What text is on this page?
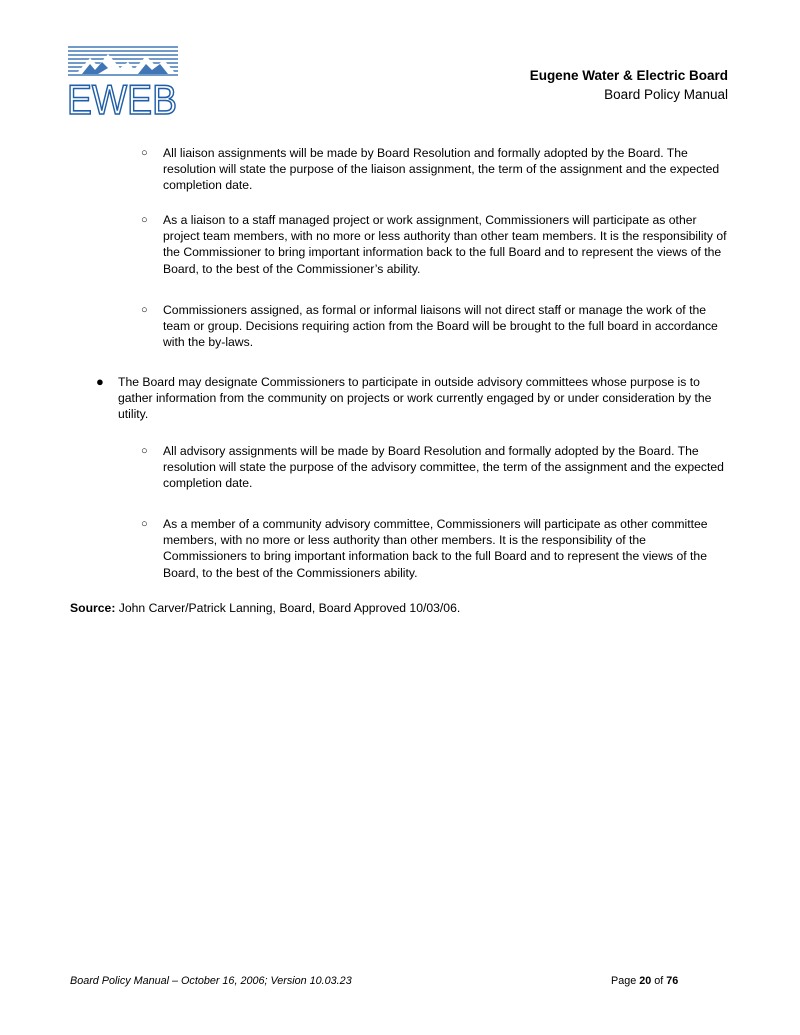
EWEB
Eugene Water & Electric Board
Board Policy Manual
○ All liaison assignments will be made by Board Resolution and formally adopted by the Board. The resolution will state the purpose of the liaison assignment, the term of the assignment and the expected completion date.
○ As a liaison to a staff managed project or work assignment, Commissioners will participate as other project team members, with no more or less authority than other team members. It is the responsibility of the Commissioner to bring important information back to the full Board and to represent the views of the Board, to the best of the Commissioner’s ability.
○ Commissioners assigned, as formal or informal liaisons will not direct staff or manage the work of the team or group. Decisions requiring action from the Board will be brought to the full board in accordance with the by-laws.
● The Board may designate Commissioners to participate in outside advisory committees whose purpose is to gather information from the community on projects or work currently engaged by or under consideration by the utility.
○ All advisory assignments will be made by Board Resolution and formally adopted by the Board. The resolution will state the purpose of the advisory committee, the term of the assignment and the expected completion date.
○ As a member of a community advisory committee, Commissioners will participate as other committee members, with no more or less authority than other members. It is the responsibility of the Commissioners to bring important information back to the full Board and to represent the views of the Board, to the best of the Commissioners ability.
Source: John Carver/Patrick Lanning, Board, Board Approved 10/03/06.
Board Policy Manual – October 16, 2006; Version 10.03.23	Page 20 of 76
